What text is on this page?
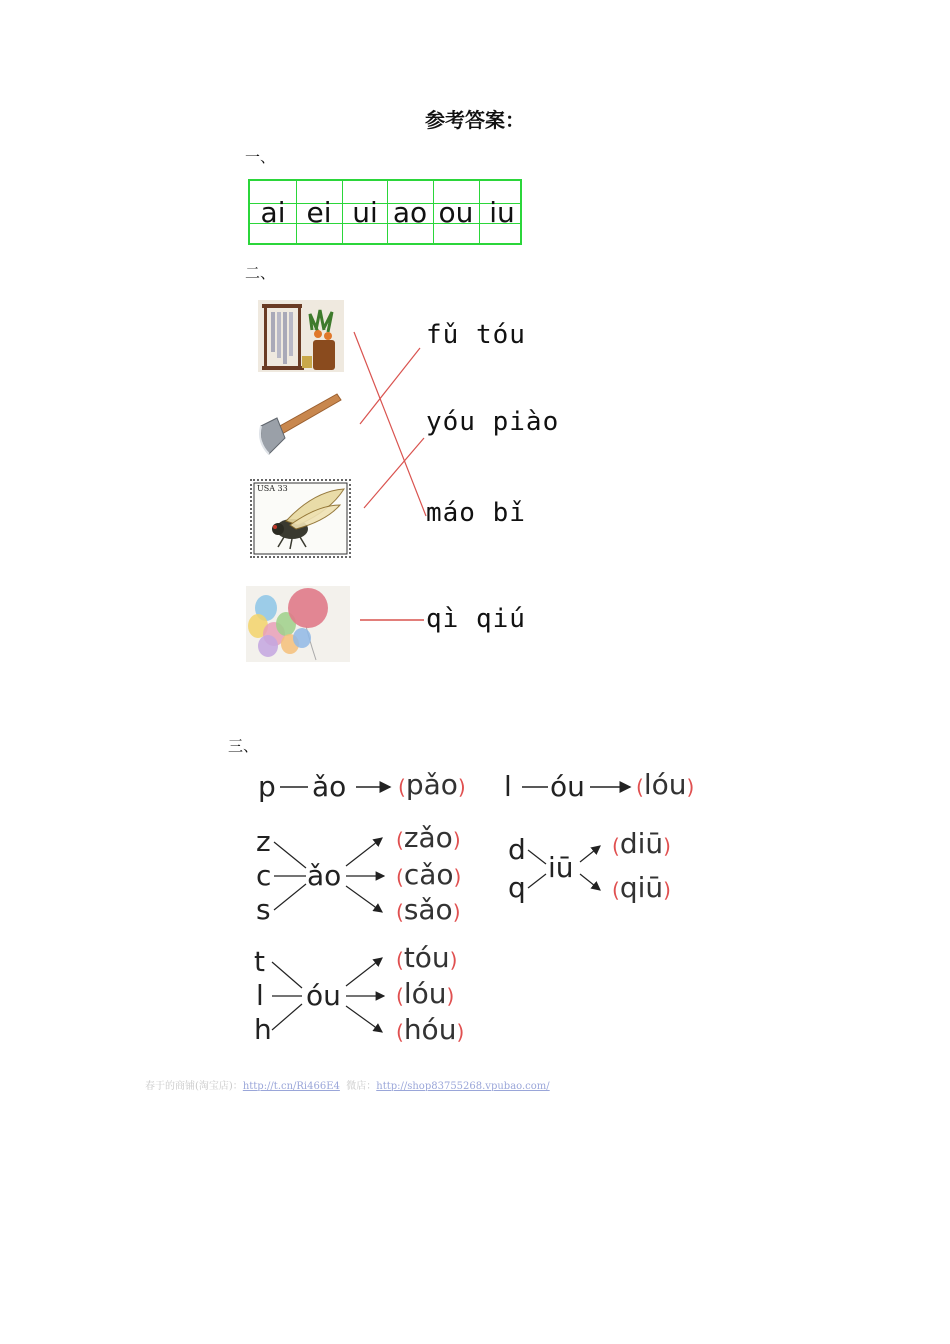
参考答案：
一、
ai ei ui ao ou iu
二、
USA 33
fǔ tóu
yóu piào
máo bǐ
qì qiú
三、
p ǎo	(pǎo) l óu	(lóu)
z
c
s
ǎo
(zǎo)
(cǎo)
(sǎo)
d
q
iū
(diū)
(qiū)
t
l
h
óu
(tóu)
(lóu)
(hóu)
春于的商铺(淘宝店)：http://t.cn/Ri466E4  微店：http://shop83755268.vpubao.com/
